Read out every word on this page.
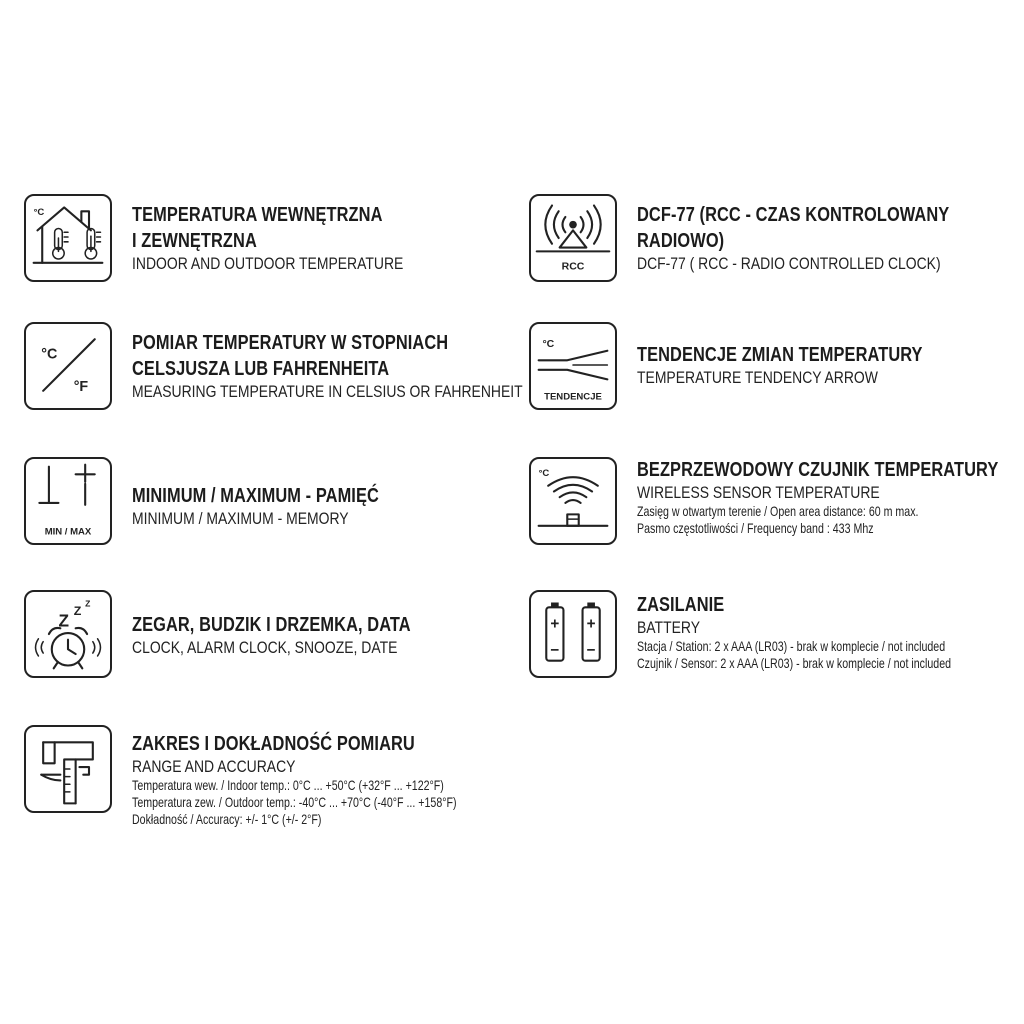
°C	TEMPERATURA WEWNĘTRZNA
I ZEWNĘTRZNA
INDOOR AND OUTDOOR TEMPERATURE
°C
°F
POMIAR TEMPERATURY W STOPNIACH
CELSJUSZA LUB FAHRENHEITA
MEASURING TEMPERATURE IN CELSIUS OR FAHRENHEIT
MIN / MAX
MINIMUM / MAXIMUM - PAMIĘĆ
MINIMUM / MAXIMUM - MEMORY
Z Z
Z
ZEGAR, BUDZIK I DRZEMKA, DATA
CLOCK, ALARM CLOCK, SNOOZE, DATE
ZAKRES I DOKŁADNOŚĆ POMIARU
RANGE AND ACCURACY
Temperatura wew. / Indoor temp.: 0°C ... +50°C (+32°F ... +122°F)
Temperatura zew. / Outdoor temp.: -40°C ... +70°C (-40°F ... +158°F)
Dokładność / Accuracy: +/- 1°C (+/- 2°F)
RCC
DCF-77 (RCC - CZAS KONTROLOWANY
RADIOWO)
DCF-77 ( RCC - RADIO CONTROLLED CLOCK)
°C
TENDENCJE
TENDENCJE ZMIAN TEMPERATURY
TEMPERATURE TENDENCY ARROW
°C	BEZPRZEWODOWY CZUJNIK TEMPERATURY
WIRELESS SENSOR TEMPERATURE
Zasięg w otwartym terenie / Open area distance: 60 m max.
Pasmo częstotliwości / Frequency band : 433 Mhz
+
−
+
−
ZASILANIE
BATTERY
Stacja / Station: 2 x AAA (LR03) - brak w komplecie / not included
Czujnik / Sensor: 2 x AAA (LR03) - brak w komplecie / not included
